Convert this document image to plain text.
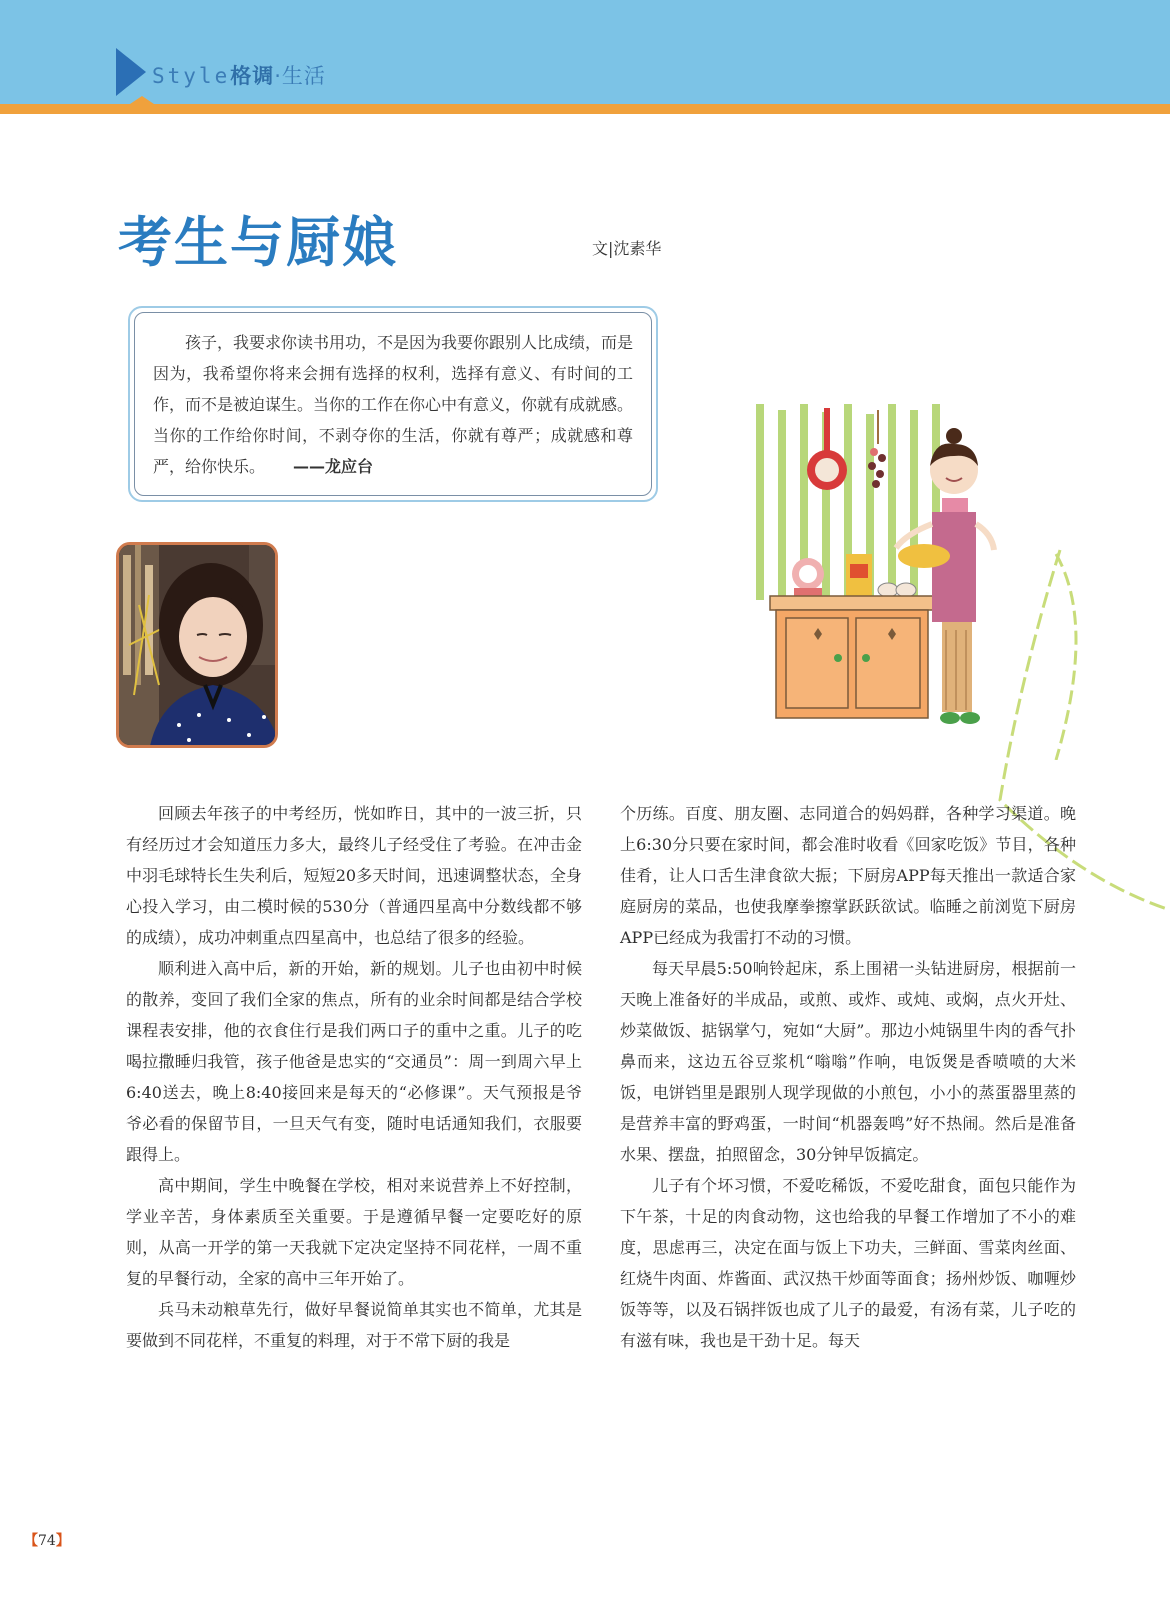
Style格调·生活
考生与厨娘	文|沈素华
孩子，我要求你读书用功，不是因为我要你跟别人比成绩，而是因为，我希望你将来会拥有选择的权利，选择有意义、有时间的工作，而不是被迫谋生。当你的工作在你心中有意义，你就有成就感。当你的工作给你时间，不剥夺你的生活，你就有尊严；成就感和尊严，给你快乐。 ——龙应台

回顾去年孩子的中考经历，恍如昨日，其中的一波三折，只有经历过才会知道压力多大，最终儿子经受住了考验。在冲击金中羽毛球特长生失利后，短短20多天时间，迅速调整状态，全身心投入学习，由二模时候的530分（普通四星高中分数线都不够的成绩），成功冲刺重点四星高中，也总结了很多的经验。

顺利进入高中后，新的开始，新的规划。儿子也由初中时候的散养，变回了我们全家的焦点，所有的业余时间都是结合学校课程表安排，他的衣食住行是我们两口子的重中之重。儿子的吃喝拉撒睡归我管，孩子他爸是忠实的“交通员”：周一到周六早上6:40送去，晚上8:40接回来是每天的“必修课”。天气预报是爷爷必看的保留节目，一旦天气有变，随时电话通知我们，衣服要跟得上。

高中期间，学生中晚餐在学校，相对来说营养上不好控制，学业辛苦，身体素质至关重要。于是遵循早餐一定要吃好的原则，从高一开学的第一天我就下定决定坚持不同花样，一周不重复的早餐行动，全家的高中三年开始了。

兵马未动粮草先行，做好早餐说简单其实也不简单，尤其是要做到不同花样，不重复的料理，对于不常下厨的我是

个历练。百度、朋友圈、志同道合的妈妈群，各种学习渠道。晚上6:30分只要在家时间，都会准时收看《回家吃饭》节目，各种佳肴，让人口舌生津食欲大振；下厨房APP每天推出一款适合家庭厨房的菜品，也使我摩拳擦掌跃跃欲试。临睡之前浏览下厨房APP已经成为我雷打不动的习惯。

每天早晨5:50响铃起床，系上围裙一头钻进厨房，根据前一天晚上准备好的半成品，或煎、或炸、或炖、或焖，点火开灶、炒菜做饭、掂锅掌勺，宛如“大厨”。那边小炖锅里牛肉的香气扑鼻而来，这边五谷豆浆机“嗡嗡”作响，电饭煲是香喷喷的大米饭，电饼铛里是跟别人现学现做的小煎包，小小的蒸蛋器里蒸的是营养丰富的野鸡蛋，一时间“机器轰鸣”好不热闹。然后是准备水果、摆盘，拍照留念，30分钟早饭搞定。

儿子有个坏习惯，不爱吃稀饭，不爱吃甜食，面包只能作为下午茶，十足的肉食动物，这也给我的早餐工作增加了不小的难度，思虑再三，决定在面与饭上下功夫，三鲜面、雪菜肉丝面、红烧牛肉面、炸酱面、武汉热干炒面等面食；扬州炒饭、咖喱炒饭等等，以及石锅拌饭也成了儿子的最爱，有汤有菜，儿子吃的有滋有味，我也是干劲十足。每天

【74】
